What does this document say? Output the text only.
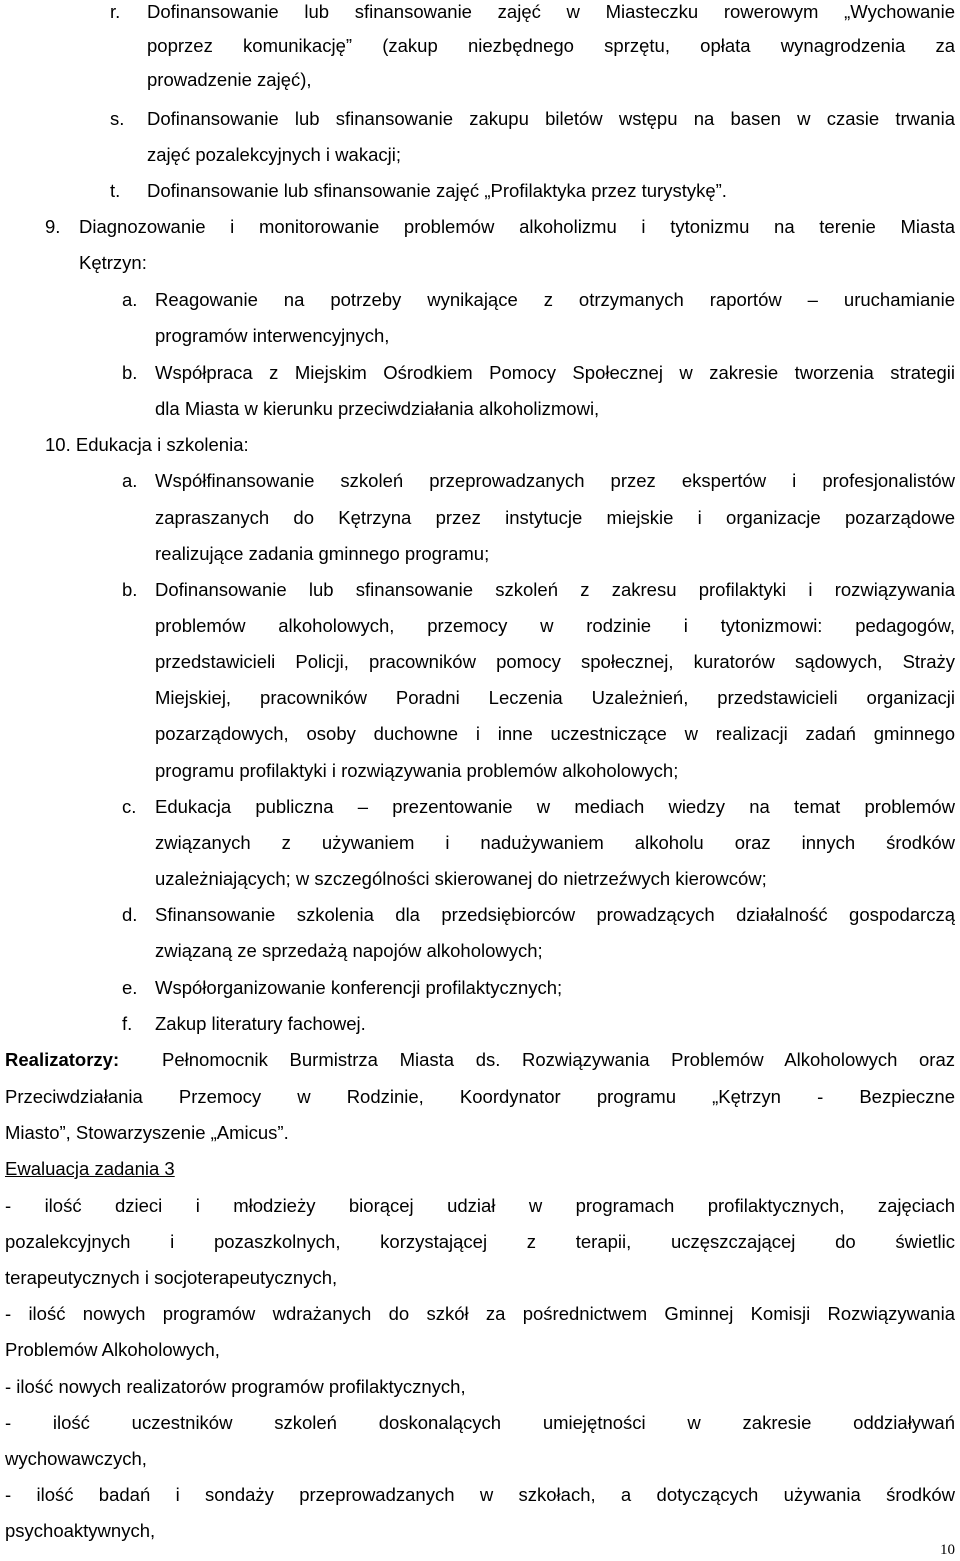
r. Dofinansowanie lub sfinansowanie zajęć w Miasteczku rowerowym „Wychowanie
poprzez komunikację” (zakup niezbędnego sprzętu, opłata wynagrodzenia za
prowadzenie zajęć),
s. Dofinansowanie lub sfinansowanie zakupu biletów wstępu na basen w czasie trwania
zajęć pozalekcyjnych i wakacji;
t. Dofinansowanie lub sfinansowanie zajęć „Profilaktyka przez turystykę”.
9. Diagnozowanie i monitorowanie problemów alkoholizmu i tytonizmu na terenie Miasta
Kętrzyn:
a. Reagowanie na potrzeby wynikające z otrzymanych raportów – uruchamianie
programów interwencyjnych,
b. Współpraca z Miejskim Ośrodkiem Pomocy Społecznej w zakresie tworzenia strategii
dla Miasta w kierunku przeciwdziałania alkoholizmowi,
10. Edukacja i szkolenia:
a. Współfinansowanie szkoleń przeprowadzanych przez ekspertów i profesjonalistów
zapraszanych do Kętrzyna przez instytucje miejskie i organizacje pozarządowe
realizujące zadania gminnego programu;
b. Dofinansowanie lub sfinansowanie szkoleń z zakresu profilaktyki i rozwiązywania
problemów alkoholowych, przemocy w rodzinie i tytonizmowi: pedagogów,
przedstawicieli Policji, pracowników pomocy społecznej, kuratorów sądowych, Straży
Miejskiej, pracowników Poradni Leczenia Uzależnień, przedstawicieli organizacji
pozarządowych, osoby duchowne i inne uczestniczące w realizacji zadań gminnego
programu profilaktyki i rozwiązywania problemów alkoholowych;
c. Edukacja publiczna – prezentowanie w mediach wiedzy na temat problemów
związanych z używaniem i nadużywaniem alkoholu oraz innych środków
uzależniających; w szczególności skierowanej do nietrzeźwych kierowców;
d. Sfinansowanie szkolenia dla przedsiębiorców prowadzących działalność gospodarczą
związaną ze sprzedażą napojów alkoholowych;
e. Współorganizowanie konferencji profilaktycznych;
f. Zakup literatury fachowej.
Realizatorzy: Pełnomocnik Burmistrza Miasta ds. Rozwiązywania Problemów Alkoholowych oraz
Przeciwdziałania Przemocy w Rodzinie, Koordynator programu „Kętrzyn - Bezpieczne
Miasto”, Stowarzyszenie „Amicus”.
Ewaluacja zadania 3
- ilość dzieci i młodzieży biorącej udział w programach profilaktycznych, zajęciach
pozalekcyjnych i pozaszkolnych, korzystającej z terapii, uczęszczającej do świetlic
terapeutycznych i socjoterapeutycznych,
- ilość nowych programów wdrażanych do szkół za pośrednictwem Gminnej Komisji Rozwiązywania
Problemów Alkoholowych,
- ilość nowych realizatorów programów profilaktycznych,
- ilość uczestników szkoleń doskonalących umiejętności w zakresie oddziaływań
wychowawczych,
- ilość badań i sondaży przeprowadzanych w szkołach, a dotyczących używania środków
psychoaktywnych,
10
